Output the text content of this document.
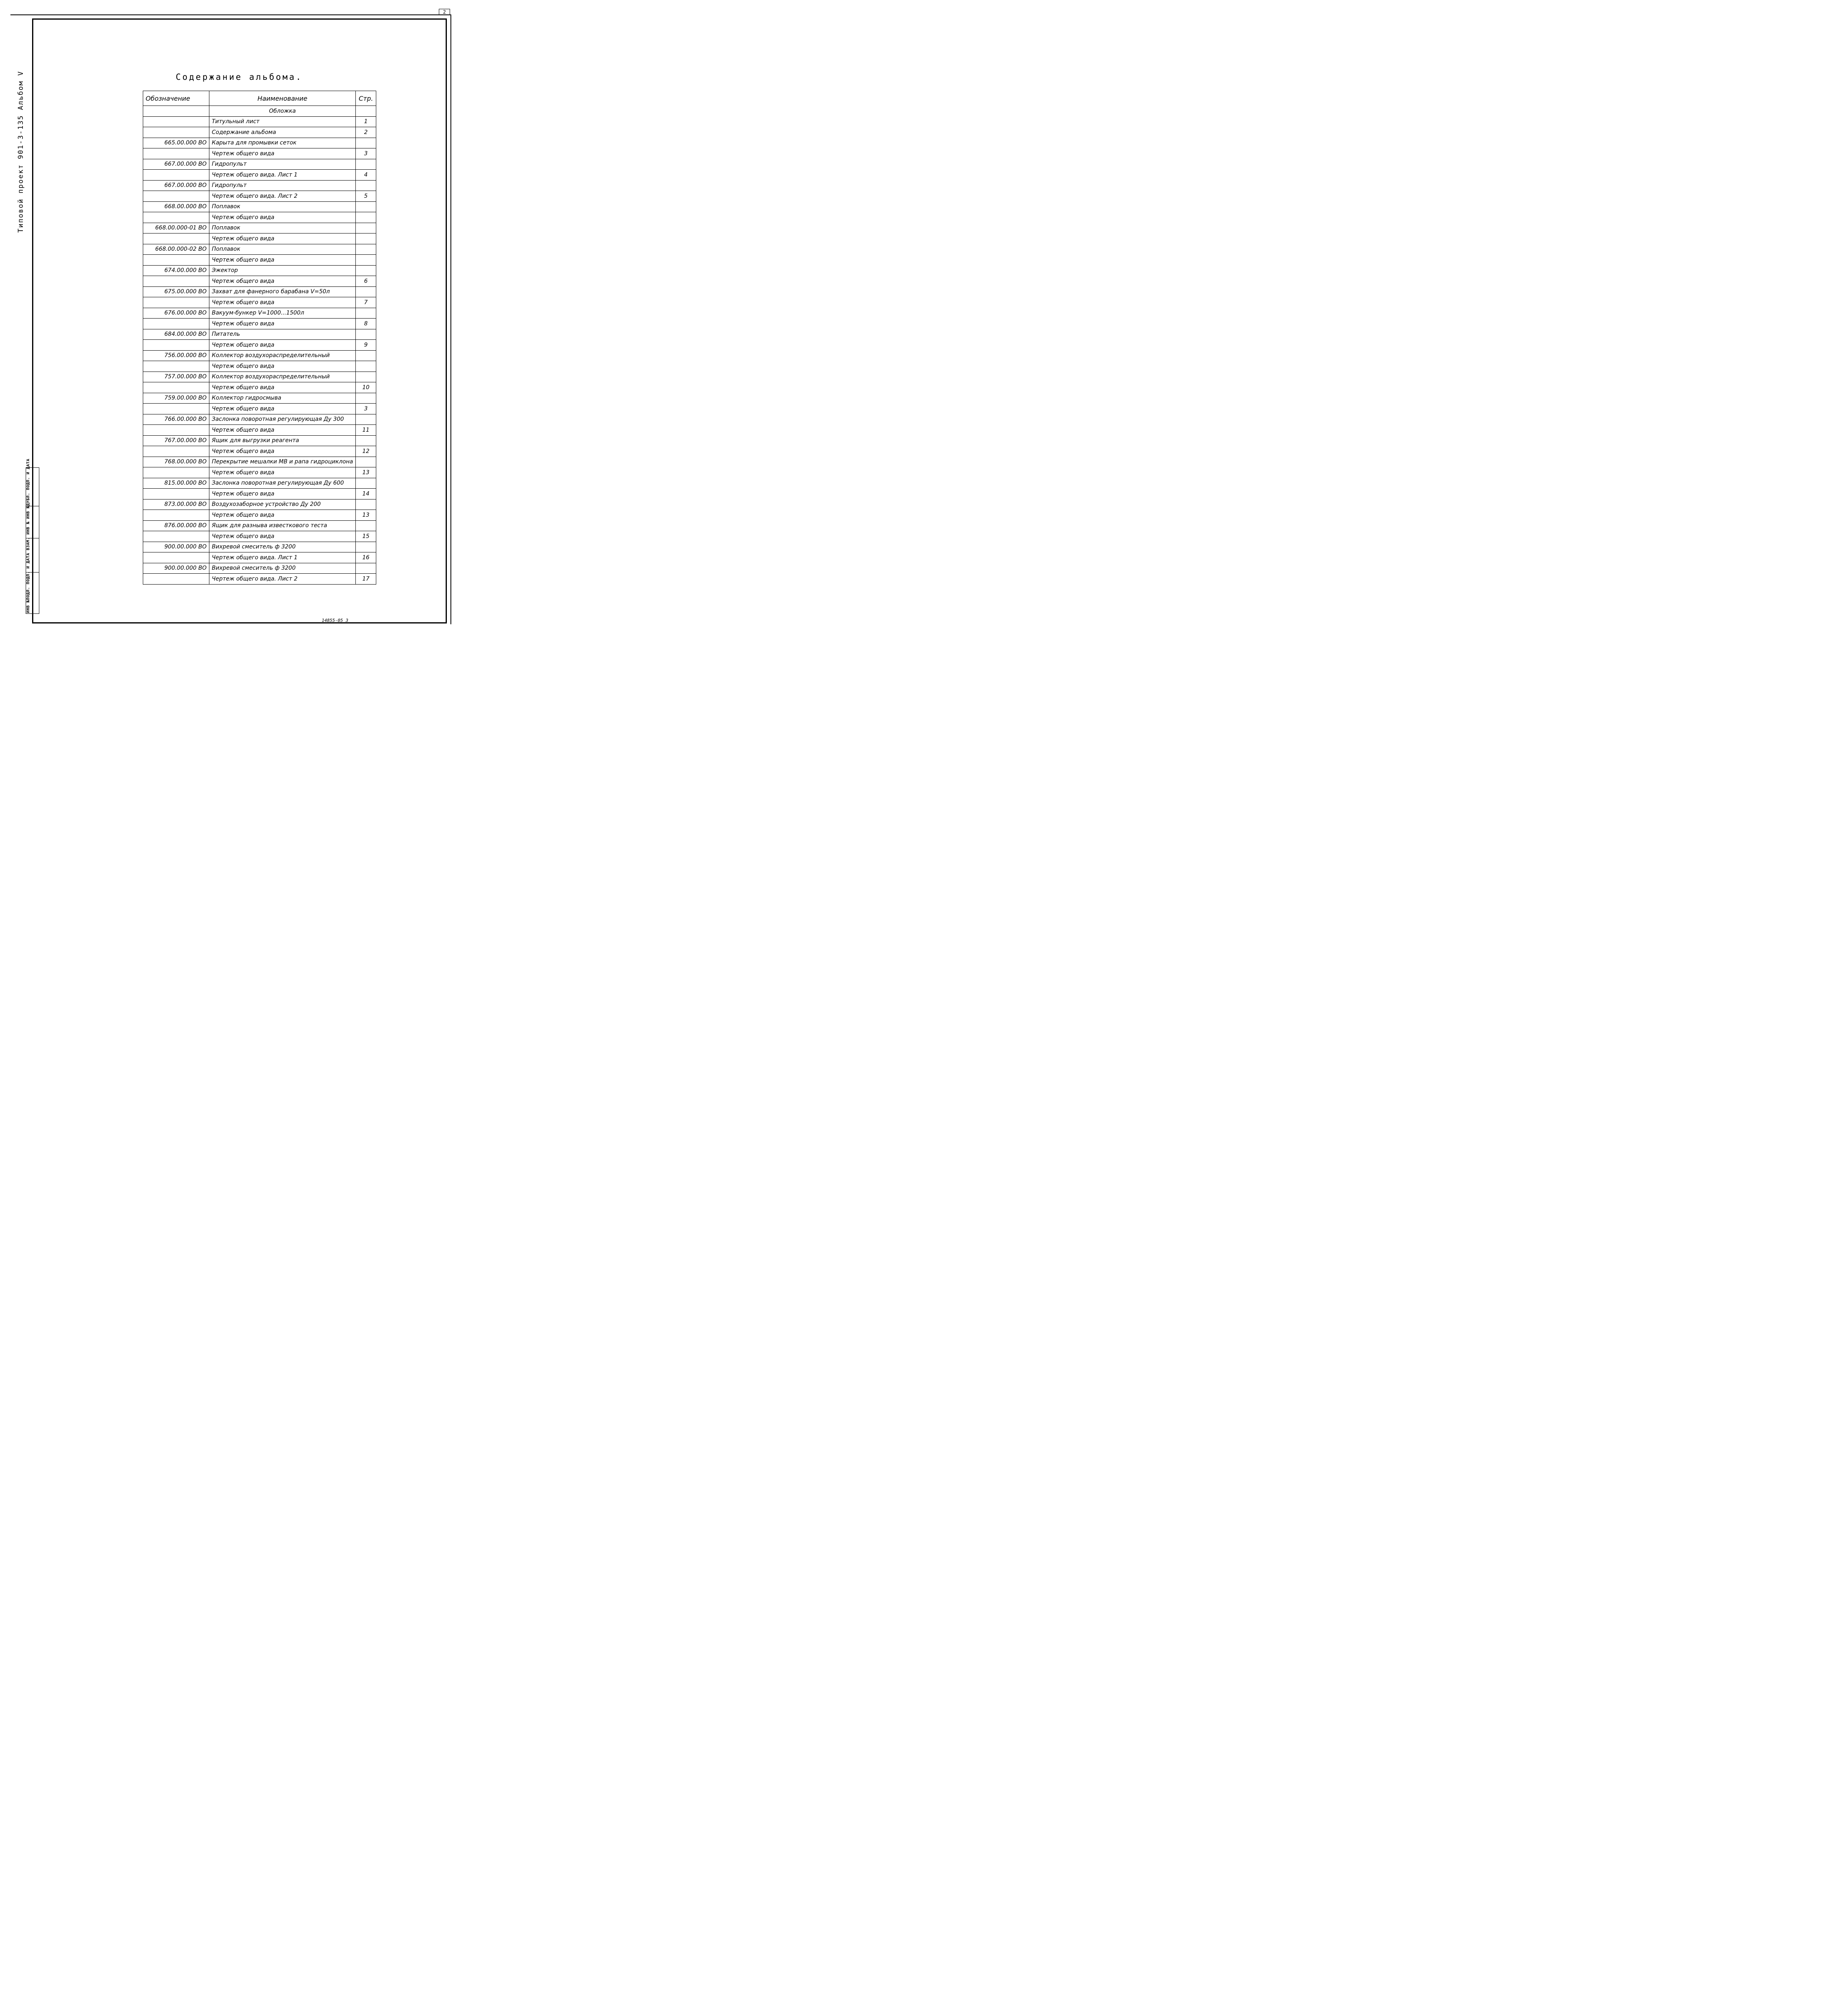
2
Типовой проект 901-3-135 Альбом V
ИНВ №ПОДЛ. ПОДП. И ДАТА ВЗАМ. ИНВ № ИНВ №ДУБЛ. ПОДП. И ДАТА
Содержание альбома.
Обозначение	Наименование	Стр.
	Обложка	
	Титульный лист	1
	Содержание альбома	2
665.00.000 ВО	Карыта для промывки сеток	
	Чертеж общего вида	3
667.00.000 ВО	Гидропульт	
	Чертеж общего вида. Лист 1	4
667.00.000 ВО	Гидропульт	
	Чертеж общего вида. Лист 2	5
668.00.000 ВО	Поплавок	
	Чертеж общего вида	
668.00.000-01 ВО	Поплавок	
	Чертеж общего вида	
668.00.000-02 ВО	Поплавок	
	Чертеж общего вида	
674.00.000 ВО	Эжектор	
	Чертеж общего вида	6
675.00.000 ВО	Захват для фанерного барабана V=50л	
	Чертеж общего вида	7
676.00.000 ВО	Вакуум-бункер V=1000...1500л	
	Чертеж общего вида	8
684.00.000 ВО	Питатель	
	Чертеж общего вида	9
756.00.000 ВО	Коллектор воздухораспределительный	
	Чертеж общего вида	
757.00.000 ВО	Коллектор воздухораспределительный	
	Чертеж общего вида	10
759.00.000 ВО	Коллектор гидросмыва	
	Чертеж общего вида	3
766.00.000 ВО	Заслонка поворотная регулирующая Ду 300	
	Чертеж общего вида	11
767.00.000 ВО	Ящик для выгрузки реагента	
	Чертеж общего вида	12
768.00.000 ВО	Перекрытие мешалки МВ и рапа гидроциклона	
	Чертеж общего вида	13
815.00.000 ВО	Заслонка поворотная регулирующая Ду 600	
	Чертеж общего вида	14
873.00.000 ВО	Воздухозаборное устройство Ду 200	
	Чертеж общего вида	13
876.00.000 ВО	Ящик для разныва известкового теста	
	Чертеж общего вида	15
900.00.000 ВО	Вихревой смеситель ф 3200	
	Чертеж общего вида. Лист 1	16
900.00.000 ВО	Вихревой смеситель ф 3200	
	Чертеж общего вида. Лист 2	17
14855-05 3
